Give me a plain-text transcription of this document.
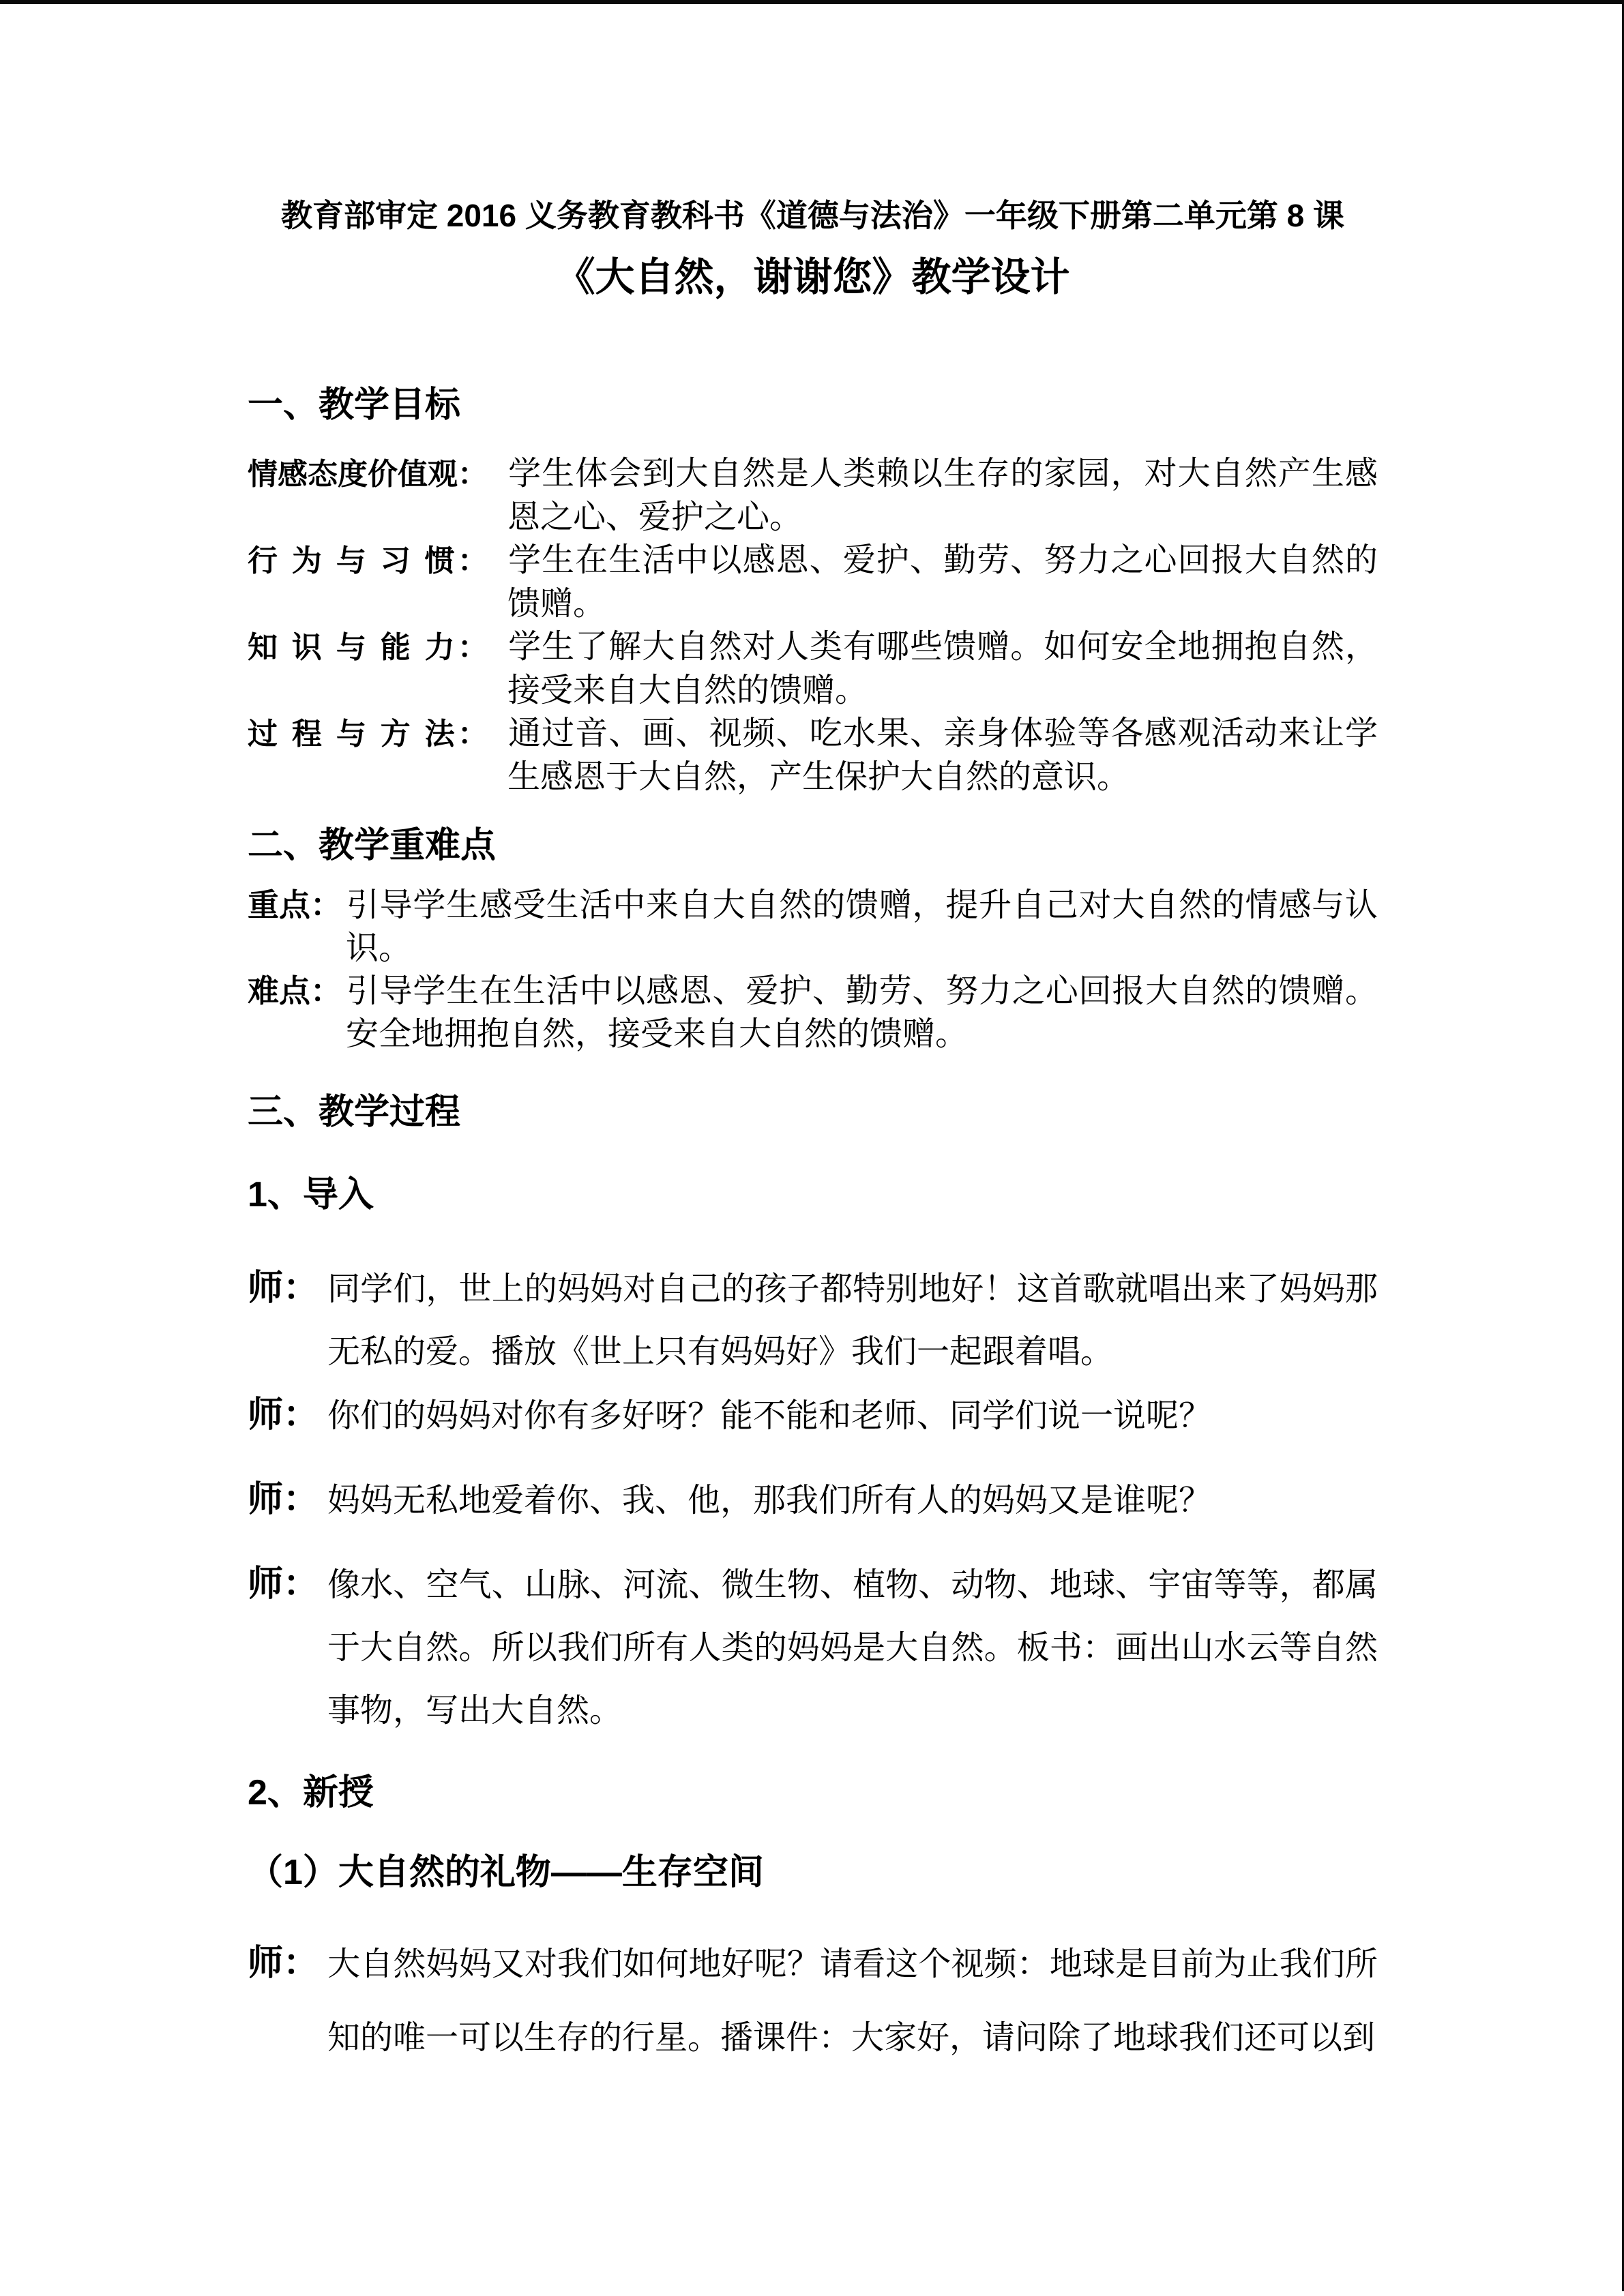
教育部审定 2016 义务教育教科书《道德与法治》一年级下册第二单元第 8 课

《大自然，谢谢您》教学设计

一、教学目标

情感态度价值观： 学生体会到大自然是人类赖以生存的家园，对大自然产生感恩之心、爱护之心。

行 为 与 习 惯： 学生在生活中以感恩、爱护、勤劳、努力之心回报大自然的馈赠。

知 识 与 能 力： 学生了解大自然对人类有哪些馈赠。如何安全地拥抱自然，接受来自大自然的馈赠。

过 程 与 方 法： 通过音、画、视频、吃水果、亲身体验等各感观活动来让学生感恩于大自然，产生保护大自然的意识。

二、教学重难点

重点： 引导学生感受生活中来自大自然的馈赠，提升自己对大自然的情感与认识。

难点： 引导学生在生活中以感恩、爱护、勤劳、努力之心回报大自然的馈赠。安全地拥抱自然，接受来自大自然的馈赠。

三、教学过程
1、导入

师： 同学们，世上的妈妈对自己的孩子都特别地好！这首歌就唱出来了妈妈那无私的爱。播放《世上只有妈妈好》我们一起跟着唱。

师： 你们的妈妈对你有多好呀？能不能和老师、同学们说一说呢？

师： 妈妈无私地爱着你、我、他，那我们所有人的妈妈又是谁呢？

师： 像水、空气、山脉、河流、微生物、植物、动物、地球、宇宙等等，都属于大自然。所以我们所有人类的妈妈是大自然。板书：画出山水云等自然事物，写出大自然。

2、新授
（1）大自然的礼物——生存空间

师： 大自然妈妈又对我们如何地好呢？请看这个视频：地球是目前为止我们所知的唯一可以生存的行星。播课件：大家好，请问除了地球我们还可以到
